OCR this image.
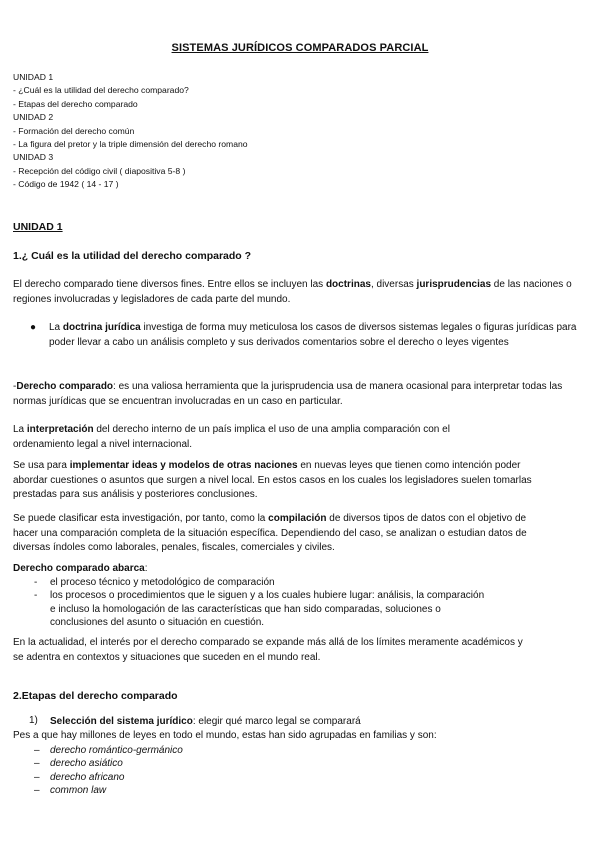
SISTEMAS JURÍDICOS COMPARADOS PARCIAL
UNIDAD 1
- ¿Cuál es la utilidad del derecho comparado?
- Etapas del derecho comparado
UNIDAD 2
- Formación del derecho común
- La figura del pretor y la triple dimensión del derecho romano
UNIDAD 3
- Recepción del código civil ( diapositiva 5-8 )
- Código de 1942 ( 14 - 17 )
UNIDAD 1
1.¿ Cuál es la utilidad del derecho comparado ?
El derecho comparado tiene diversos fines. Entre ellos se incluyen las doctrinas, diversas jurisprudencias de las naciones o regiones involucradas y legisladores de cada parte del mundo.
● La doctrina jurídica investiga de forma muy meticulosa los casos de diversos sistemas legales o figuras jurídicas para poder llevar a cabo un análisis completo y sus derivados comentarios sobre el derecho o leyes vigentes
-Derecho comparado: es una valiosa herramienta que la jurisprudencia usa de manera ocasional para interpretar todas las normas jurídicas que se encuentran involucradas en un caso en particular.
La interpretación del derecho interno de un país implica el uso de una amplia comparación con el ordenamiento legal a nivel internacional.
Se usa para implementar ideas y modelos de otras naciones en nuevas leyes que tienen como intención poder abordar cuestiones o asuntos que surgen a nivel local. En estos casos en los cuales los legisladores suelen tomarlas prestadas para sus análisis y posteriores conclusiones.
Se puede clasificar esta investigación, por tanto, como la compilación de diversos tipos de datos con el objetivo de hacer una comparación completa de la situación específica. Dependiendo del caso, se analizan o estudian datos de diversas índoles como laborales, penales, fiscales, comerciales y civiles.
Derecho comparado abarca:
- el proceso técnico y metodológico de comparación
- los procesos o procedimientos que le siguen y a los cuales hubiere lugar: análisis, la comparación
e incluso la homologación de las características que han sido comparadas, soluciones o
conclusiones del asunto o situación en cuestión.
En la actualidad, el interés por el derecho comparado se expande más allá de los límites meramente académicos y se adentra en contextos y situaciones que suceden en el mundo real.
2.Etapas del derecho comparado
1) Selección del sistema jurídico: elegir qué marco legal se comparará
Pes a que hay millones de leyes en todo el mundo, estas han sido agrupadas en familias y son:
– derecho romántico-germánico
– derecho asiático
– derecho africano
– common law
